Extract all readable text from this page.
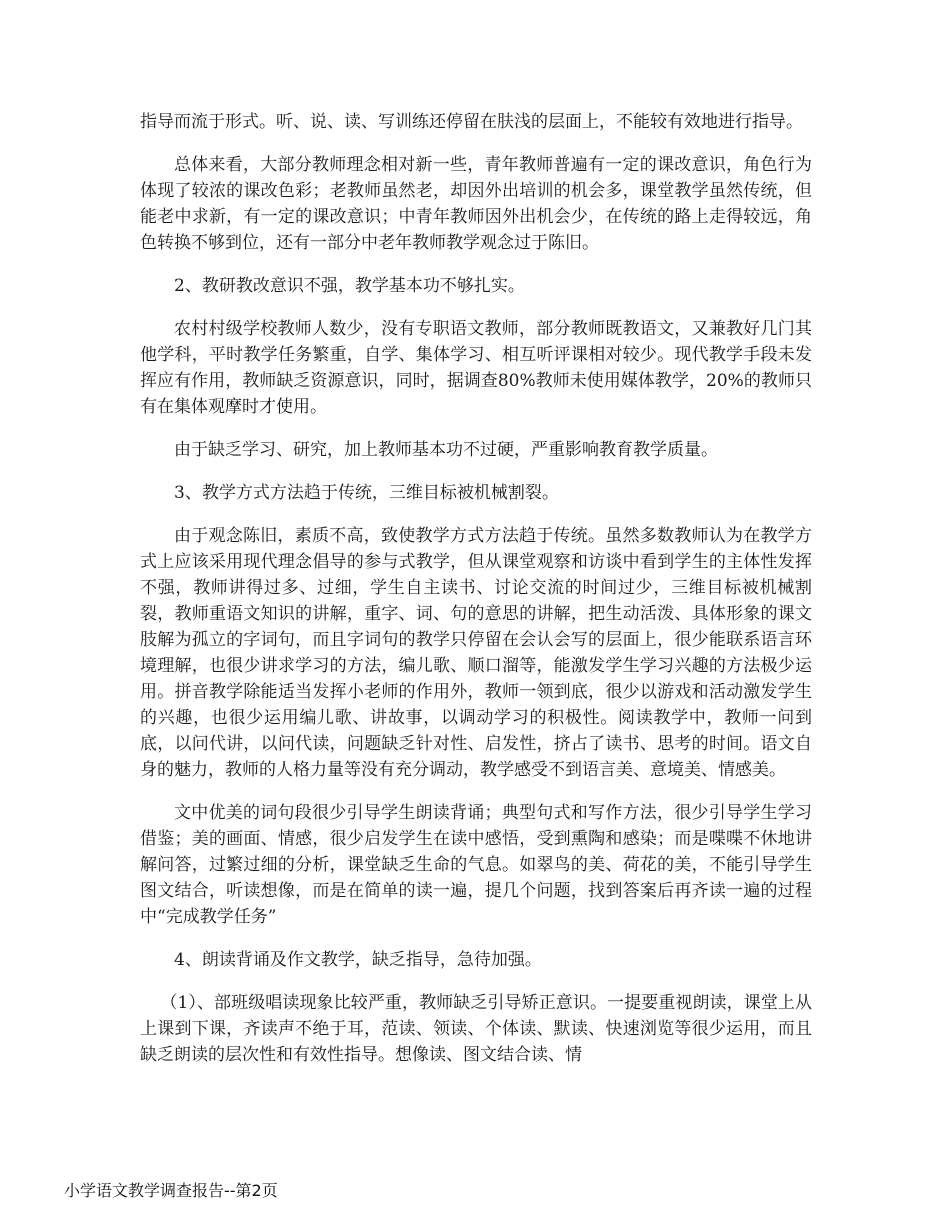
指导而流于形式。听、说、读、写训练还停留在肤浅的层面上，不能较有效地进行指导。

总体来看，大部分教师理念相对新一些，青年教师普遍有一定的课改意识，角色行为体现了较浓的课改色彩；老教师虽然老，却因外出培训的机会多，课堂教学虽然传统，但能老中求新，有一定的课改意识；中青年教师因外出机会少，在传统的路上走得较远，角色转换不够到位，还有一部分中老年教师教学观念过于陈旧。

2、教研教改意识不强，教学基本功不够扎实。

农村村级学校教师人数少，没有专职语文教师，部分教师既教语文，又兼教好几门其他学科，平时教学任务繁重，自学、集体学习、相互听评课相对较少。现代教学手段未发挥应有作用，教师缺乏资源意识，同时，据调查80%教师未使用媒体教学，20%的教师只有在集体观摩时才使用。

由于缺乏学习、研究，加上教师基本功不过硬，严重影响教育教学质量。

3、教学方式方法趋于传统，三维目标被机械割裂。

由于观念陈旧，素质不高，致使教学方式方法趋于传统。虽然多数教师认为在教学方式上应该采用现代理念倡导的参与式教学，但从课堂观察和访谈中看到学生的主体性发挥不强，教师讲得过多、过细，学生自主读书、讨论交流的时间过少，三维目标被机械割裂，教师重语文知识的讲解，重字、词、句的意思的讲解，把生动活泼、具体形象的课文肢解为孤立的字词句，而且字词句的教学只停留在会认会写的层面上，很少能联系语言环境理解，也很少讲求学习的方法，编儿歌、顺口溜等，能激发学生学习兴趣的方法极少运用。拼音教学除能适当发挥小老师的作用外，教师一领到底，很少以游戏和活动激发学生的兴趣，也很少运用编儿歌、讲故事，以调动学习的积极性。阅读教学中，教师一问到底，以问代讲，以问代读，问题缺乏针对性、启发性，挤占了读书、思考的时间。语文自身的魅力，教师的人格力量等没有充分调动，教学感受不到语言美、意境美、情感美。

文中优美的词句段很少引导学生朗读背诵；典型句式和写作方法，很少引导学生学习借鉴；美的画面、情感，很少启发学生在读中感悟，受到熏陶和感染；而是喋喋不休地讲解问答，过繁过细的分析，课堂缺乏生命的气息。如翠鸟的美、荷花的美，不能引导学生图文结合，听读想像，而是在简单的读一遍，提几个问题，找到答案后再齐读一遍的过程中“完成教学任务”

4、朗读背诵及作文教学，缺乏指导，急待加强。

（1）、部班级唱读现象比较严重，教师缺乏引导矫正意识。一提要重视朗读，课堂上从上课到下课，齐读声不绝于耳，范读、领读、个体读、默读、快速浏览等很少运用，而且缺乏朗读的层次性和有效性指导。想像读、图文结合读、情

小学语文教学调查报告--第2页
